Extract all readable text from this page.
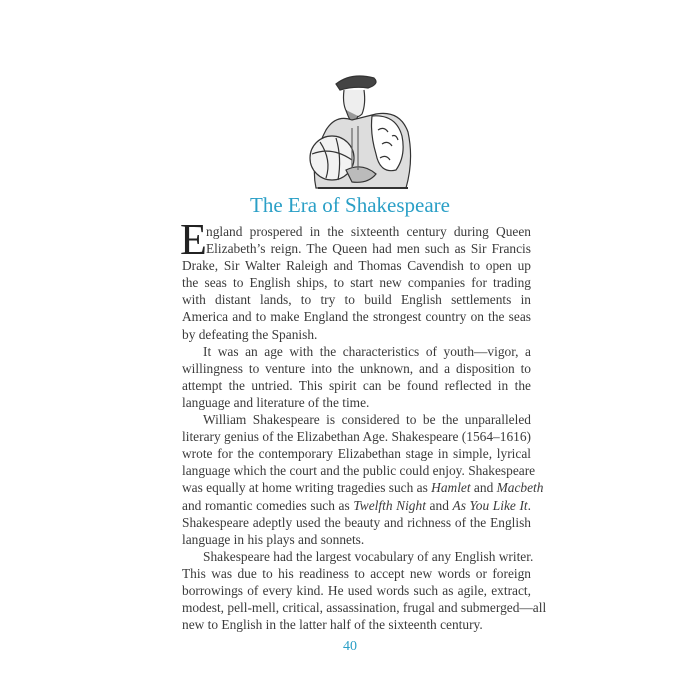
The Era of Shakespeare
E ngland prospered in the sixteenth century during Queen
Elizabeth’s reign. The Queen had men such as Sir Francis
Drake, Sir Walter Raleigh and Thomas Cavendish to open up
the seas to English ships, to start new companies for trading
with distant lands, to try to build English settlements in
America and to make England the strongest country on the seas
by defeating the Spanish.
It was an age with the characteristics of youth—vigor, a
willingness to venture into the unknown, and a disposition to
attempt the untried. This spirit can be found reflected in the
language and literature of the time.
William Shakespeare is considered to be the unparalleled
literary genius of the Elizabethan Age. Shakespeare (1564–1616)
wrote for the contemporary Elizabethan stage in simple, lyrical
language which the court and the public could enjoy. Shakespeare
was equally at home writing tragedies such as Hamlet and Macbeth
and romantic comedies such as Twelfth Night and As You Like It.
Shakespeare adeptly used the beauty and richness of the English
language in his plays and sonnets.
Shakespeare had the largest vocabulary of any English writer.
This was due to his readiness to accept new words or foreign
borrowings of every kind. He used words such as agile, extract,
modest, pell-mell, critical, assassination, frugal and submerged—all
new to English in the latter half of the sixteenth century.
40
